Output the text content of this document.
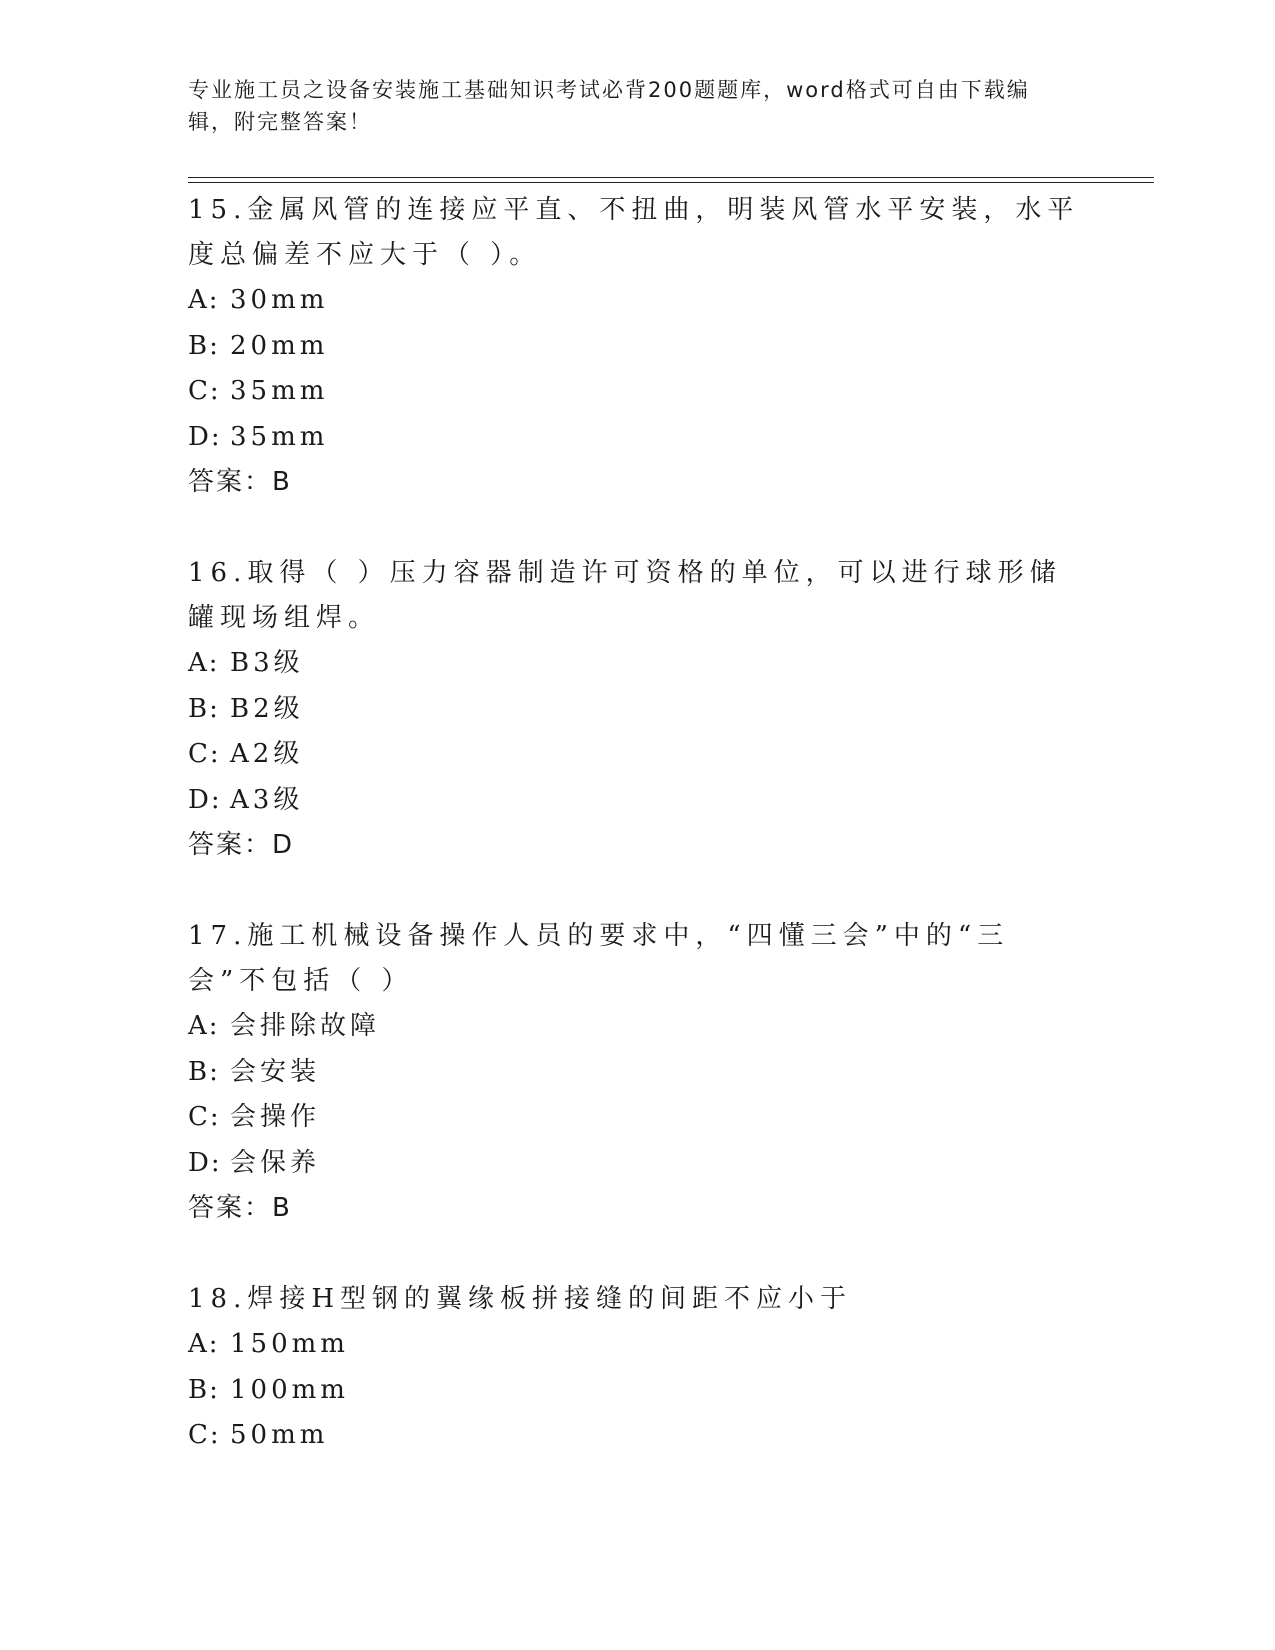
专业施工员之设备安装施工基础知识考试必背200题题库，word格式可自由下载编辑，附完整答案！

15.金属风管的连接应平直、不扭曲，明装风管水平安装，水平度总偏差不应大于（ ）。

A: 30mm
B: 20mm
C: 35mm
D: 35mm
答案：B

16.取得（ ）压力容器制造许可资格的单位，可以进行球形储罐现场组焊。

A: B3级
B: B2级
C: A2级
D: A3级
答案：D

17.施工机械设备操作人员的要求中，“四懂三会”中的“三会”不包括（ ）

A: 会排除故障
B: 会安装
C: 会操作
D: 会保养
答案：B

18.焊接H型钢的翼缘板拼接缝的间距不应小于

A: 150mm
B: 100mm
C: 50mm
